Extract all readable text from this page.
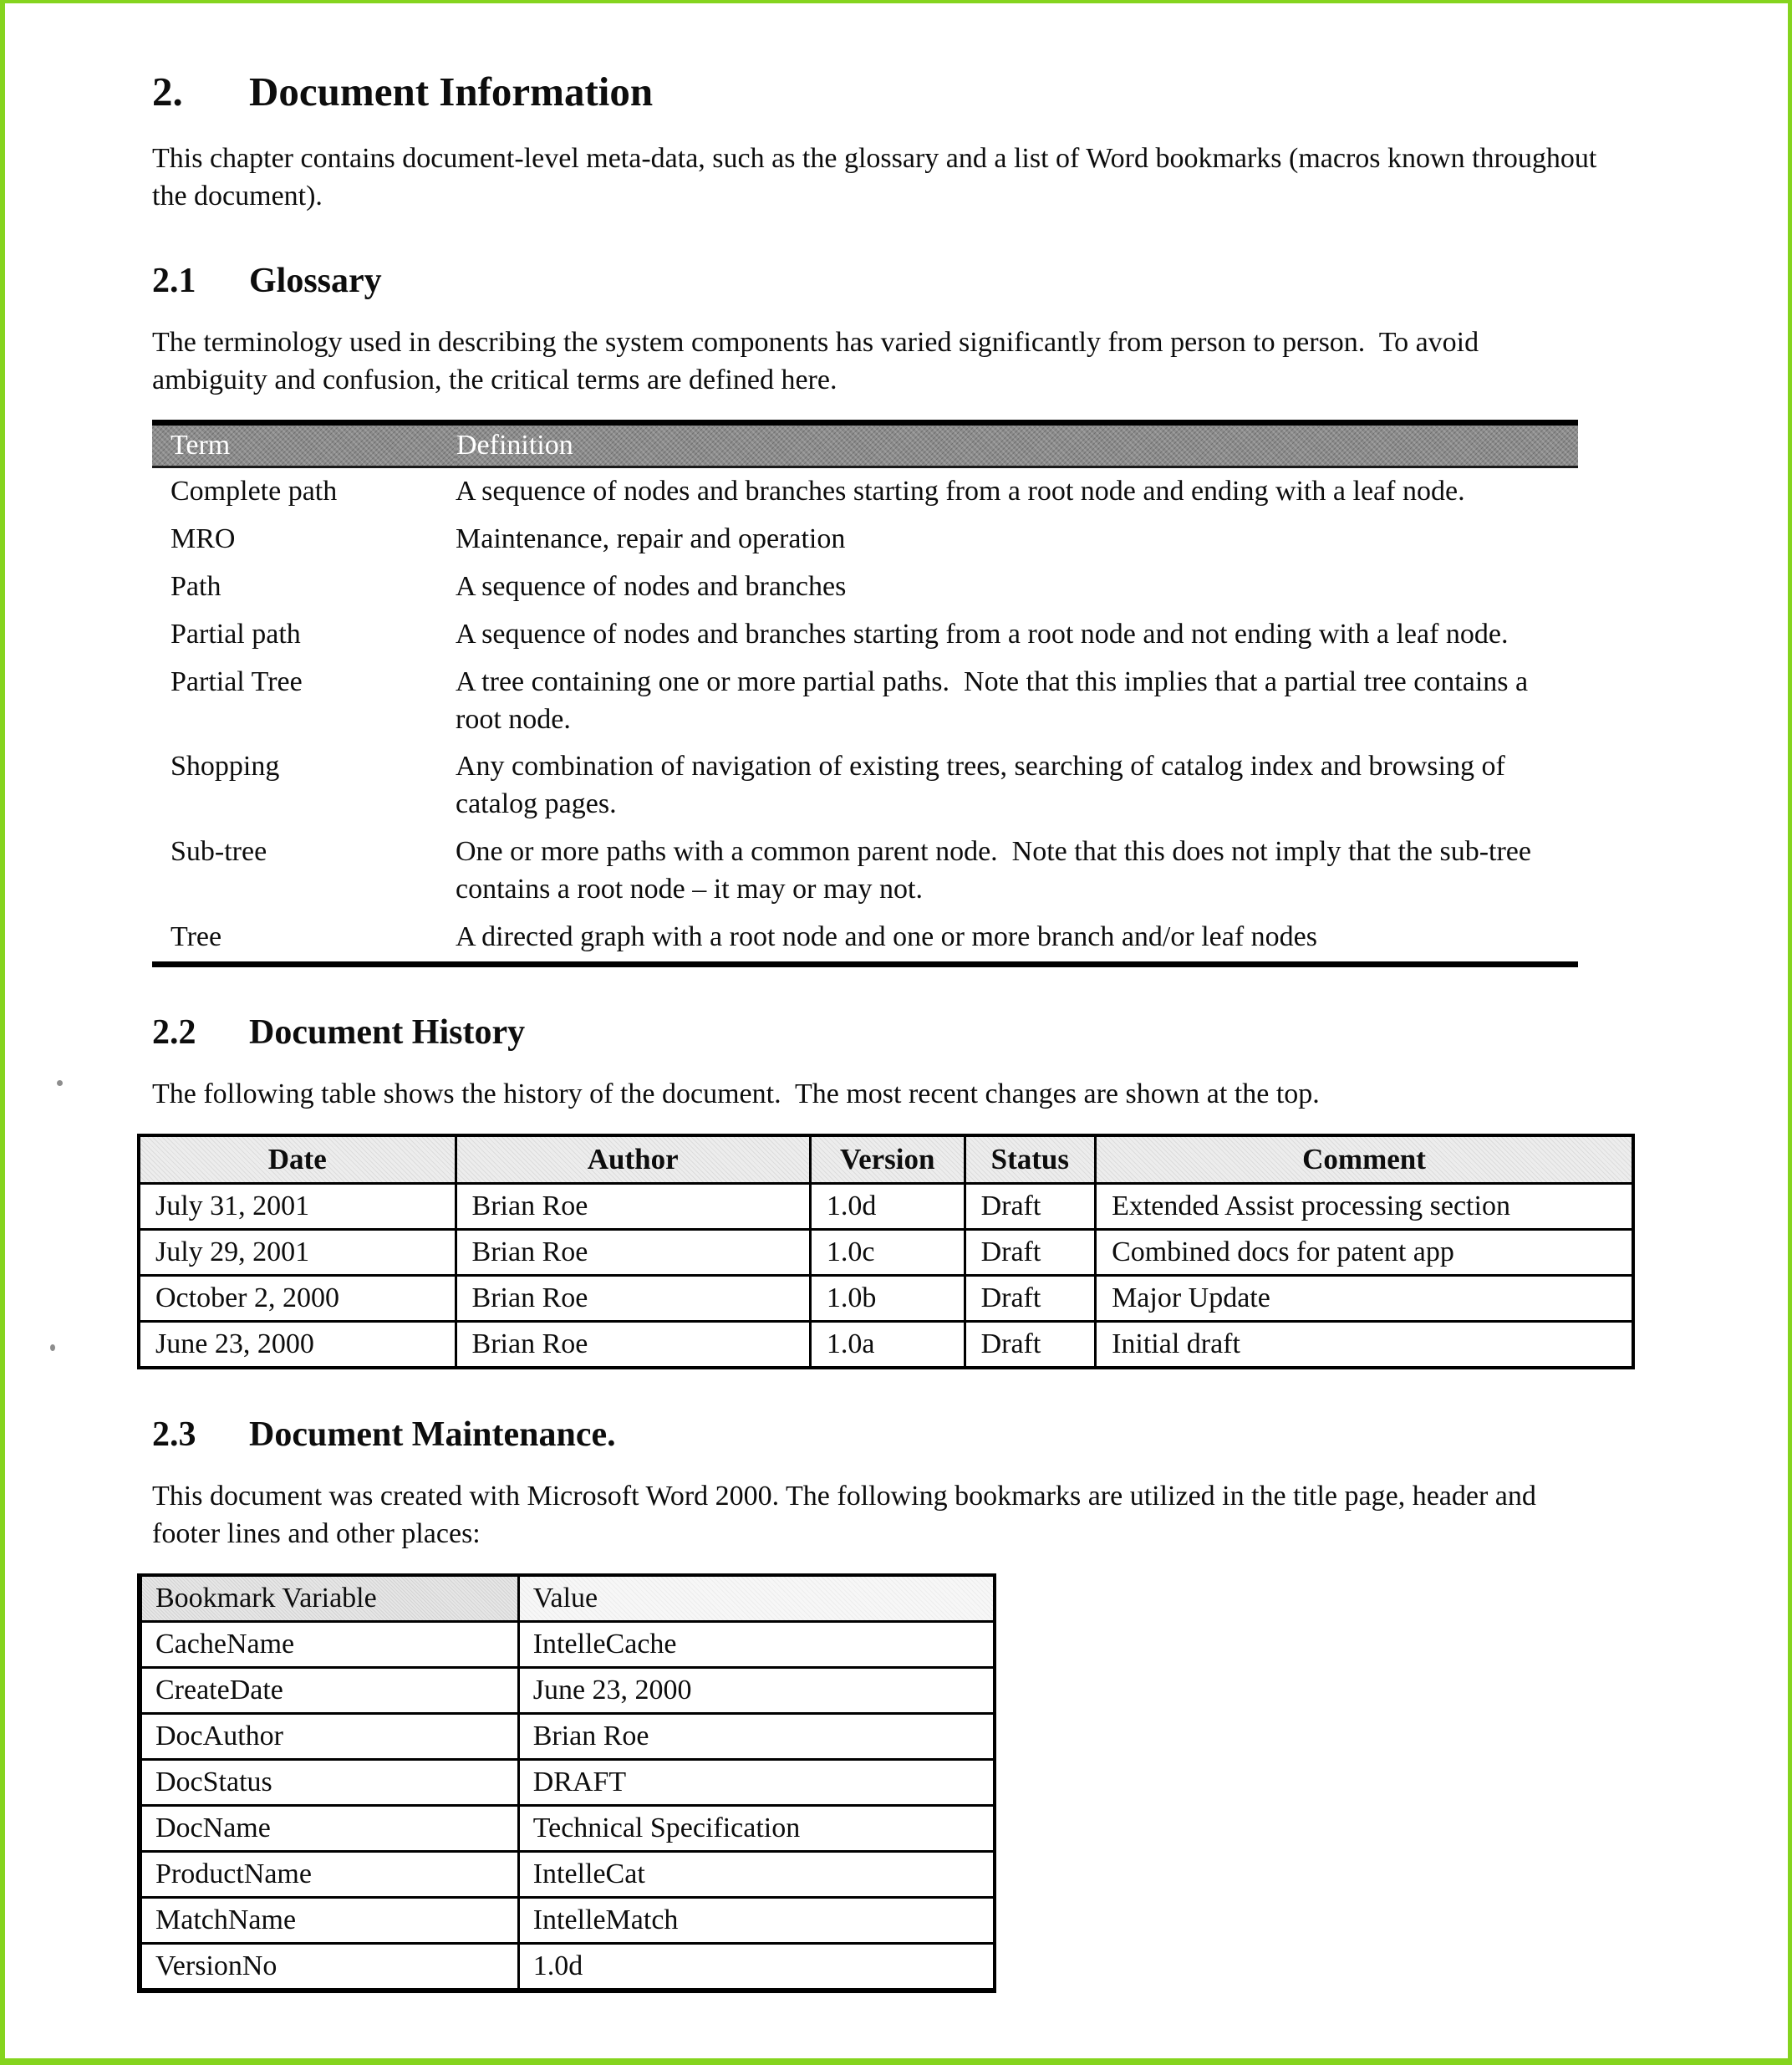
2.	Document Information

This chapter contains document-level meta-data, such as the glossary and a list of Word bookmarks (macros known throughout the document).

2.1	Glossary

The terminology used in describing the system components has varied significantly from person to person.  To avoid ambiguity and confusion, the critical terms are defined here.

Term	Definition
Complete path	A sequence of nodes and branches starting from a root node and ending with a leaf node.
MRO	Maintenance, repair and operation
Path	A sequence of nodes and branches
Partial path	A sequence of nodes and branches starting from a root node and not ending with a leaf node.
Partial Tree	A tree containing one or more partial paths.  Note that this implies that a partial tree contains a root node.
Shopping	Any combination of navigation of existing trees, searching of catalog index and browsing of catalog pages.
Sub-tree	One or more paths with a common parent node.  Note that this does not imply that the sub-tree contains a root node – it may or may not.
Tree	A directed graph with a root node and one or more branch and/or leaf nodes
2.2	Document History

The following table shows the history of the document.  The most recent changes are shown at the top.

Date	Author	Version	Status	Comment
July 31, 2001	Brian Roe	1.0d	Draft	Extended Assist processing section
July 29, 2001	Brian Roe	1.0c	Draft	Combined docs for patent app
October 2, 2000	Brian Roe	1.0b	Draft	Major Update
June 23, 2000	Brian Roe	1.0a	Draft	Initial draft
2.3	Document Maintenance.

This document was created with Microsoft Word 2000. The following bookmarks are utilized in the title page, header and footer lines and other places:

Bookmark Variable	Value
CacheName	IntelleCache
CreateDate	June 23, 2000
DocAuthor	Brian Roe
DocStatus	DRAFT
DocName	Technical Specification
ProductName	IntelleCat
MatchName	IntelleMatch
VersionNo	1.0d
